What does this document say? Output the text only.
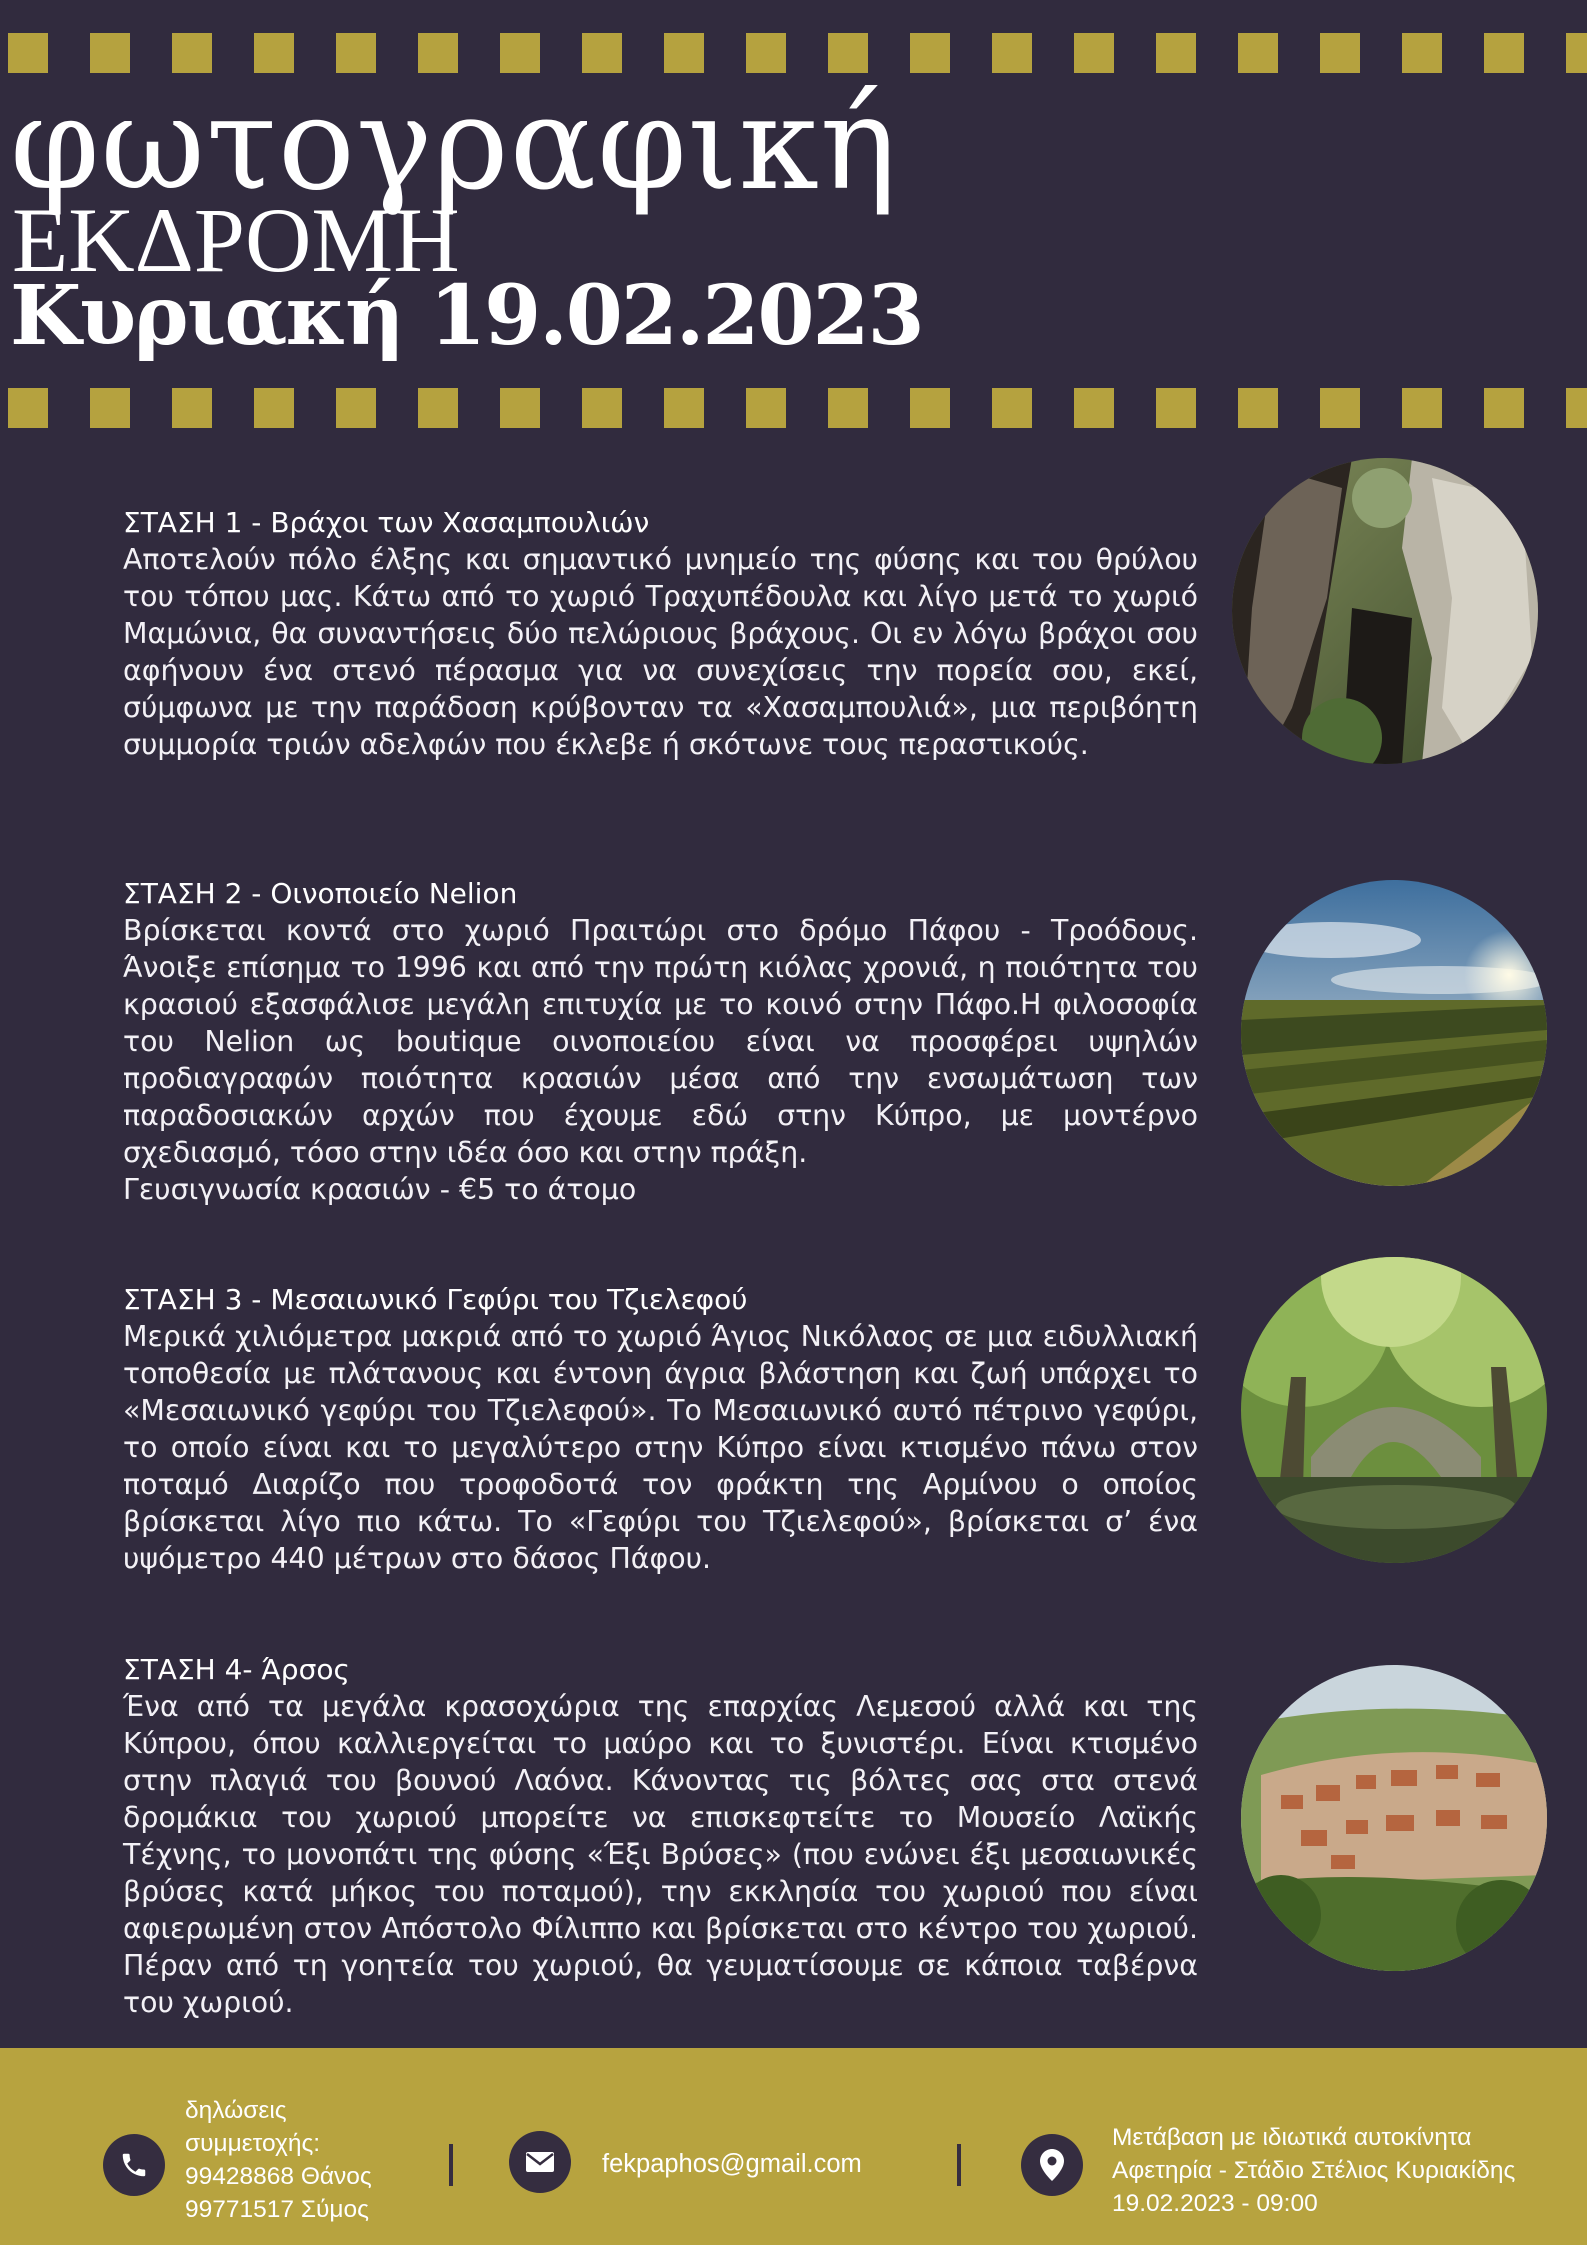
φωτογραφική
ΕΚΔΡΟΜΗ
Κυριακή 19.02.2023
ΣΤΑΣΗ 1 - Βράχοι των Χασαμπουλιών

Αποτελούν πόλο έλξης και σημαντικό μνημείο της φύσης και του θρύλου του τόπου μας. Κάτω από το χωριό Τραχυπέδουλα και λίγο μετά το χωριό Μαμώνια, θα συναντήσεις δύο πελώριους βράχους. Οι εν λόγω βράχοι σου αφήνουν ένα στενό πέρασμα για να συνεχίσεις την πορεία σου, εκεί, σύμφωνα με την παράδοση κρύβονταν τα «Χασαμπουλιά», μια περιβόητη συμμορία τριών αδελφών που έκλεβε ή σκότωνε τους περαστικούς.

ΣΤΑΣΗ 2 - Οινοποιείο Nelion

Βρίσκεται κοντά στο χωριό Πραιτώρι στο δρόμο Πάφου - Τροόδους. Άνοιξε επίσημα το 1996 και από την πρώτη κιόλας χρονιά, η ποιότητα του κρασιού εξασφάλισε μεγάλη επιτυχία με το κοινό στην Πάφο.Η φιλοσοφία του Nelion ως boutique οινοποιείου είναι να προσφέρει υψηλών προδιαγραφών ποιότητα κρασιών μέσα από την ενσωμάτωση των παραδοσιακών αρχών που έχουμε εδώ στην Κύπρο, με μοντέρνο σχεδιασμό, τόσο στην ιδέα όσο και στην πράξη.

Γευσιγνωσία κρασιών - €5 το άτομο
ΣΤΑΣΗ 3 - Μεσαιωνικό Γεφύρι του Τζιελεφού

Μερικά χιλιόμετρα μακριά από το χωριό Άγιος Νικόλαος σε μια ειδυλλιακή τοποθεσία με πλάτανους και έντονη άγρια βλάστηση και ζωή υπάρχει το «Μεσαιωνικό γεφύρι του Τζιελεφού». Το Μεσαιωνικό αυτό πέτρινο γεφύρι, το οποίο είναι και το μεγαλύτερο στην Κύπρο είναι κτισμένο πάνω στον ποταμό Διαρίζο που τροφοδοτά τον φράκτη της Αρμίνου ο οποίος βρίσκεται λίγο πιο κάτω. Το «Γεφύρι του Τζιελεφού», βρίσκεται σ’ ένα υψόμετρο 440 μέτρων στο δάσος Πάφου.

ΣΤΑΣΗ 4- Άρσος

Ένα από τα μεγάλα κρασοχώρια της επαρχίας Λεμεσού αλλά και της Κύπρου, όπου καλλιεργείται το μαύρο και το ξυνιστέρι. Είναι κτισμένο στην πλαγιά του βουνού Λαόνα. Κάνοντας τις βόλτες σας στα στενά δρομάκια του χωριού μπορείτε να επισκεφτείτε το Μουσείο Λαϊκής Τέχνης, το μονοπάτι της φύσης «Έξι Βρύσες» (που ενώνει έξι μεσαιωνικές βρύσες κατά μήκος του ποταμού), την εκκλησία του χωριού που είναι αφιερωμένη στον Απόστολο Φίλιππο και βρίσκεται στο κέντρο του χωριού. Πέραν από τη γοητεία του χωριού, θα γευματίσουμε σε κάποια ταβέρνα του χωριού.

δηλώσεις
συμμετοχής:
99428868 Θάνος
99771517 Σύμος
fekpaphos@gmail.com
Μετάβαση με ιδιωτικά αυτοκίνητα
Αφετηρία - Στάδιο Στέλιος Κυριακίδης
19.02.2023 - 09:00
